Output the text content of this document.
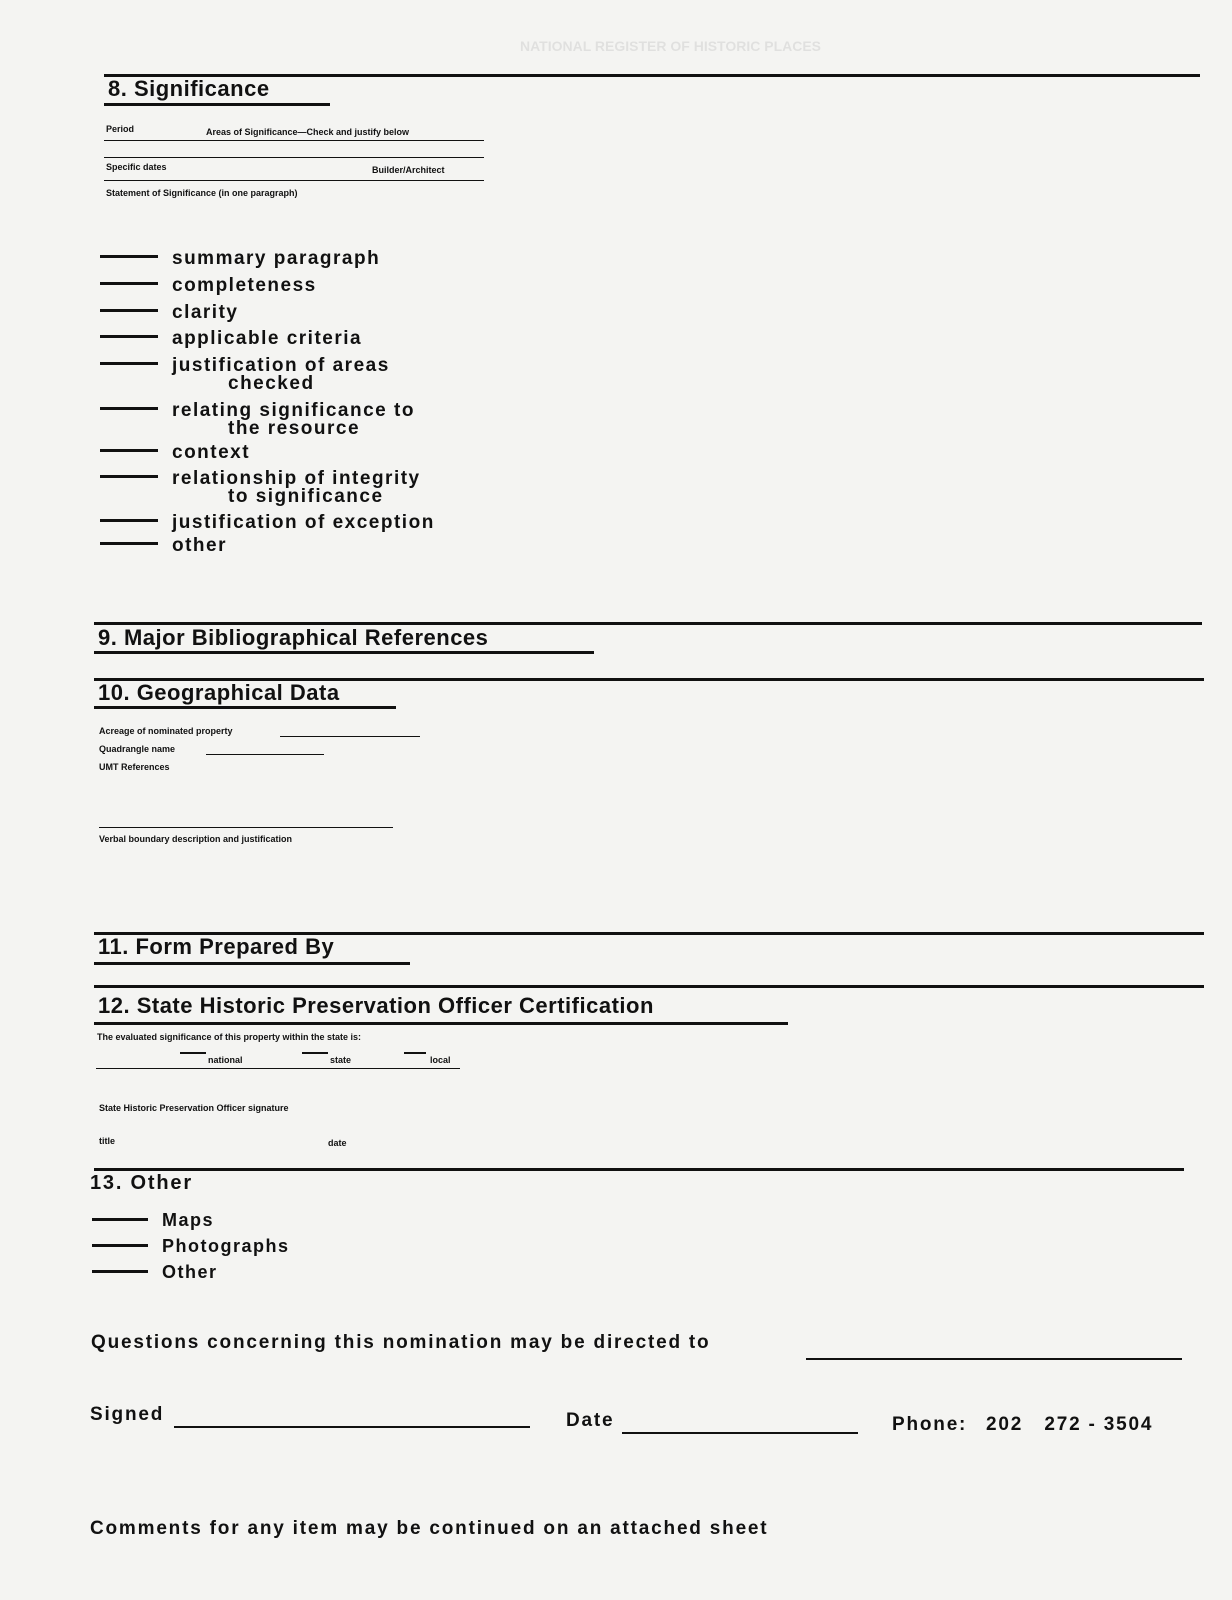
NATIONAL REGISTER OF HISTORIC PLACES
8. Significance
Period	Areas of Significance—Check and justify below
Specific dates	Builder/Architect
Statement of Significance (in one paragraph)
summary paragraph
completeness
clarity
applicable criteria
justification of areas
checked
relating significance to
the resource
context
relationship of integrity
to significance
justification of exception
other
9. Major Bibliographical References
10. Geographical Data
Acreage of nominated property
Quadrangle name
UMT References
Verbal boundary description and justification
11. Form Prepared By
12. State Historic Preservation Officer Certification
The evaluated significance of this property within the state is:
national	state	local
State Historic Preservation Officer signature
title	date
13. Other
Maps
Photographs
Other
Questions concerning this nomination may be directed to
Signed	Date	Phone: 202   272 - 3504
Comments for any item may be continued on an attached sheet
